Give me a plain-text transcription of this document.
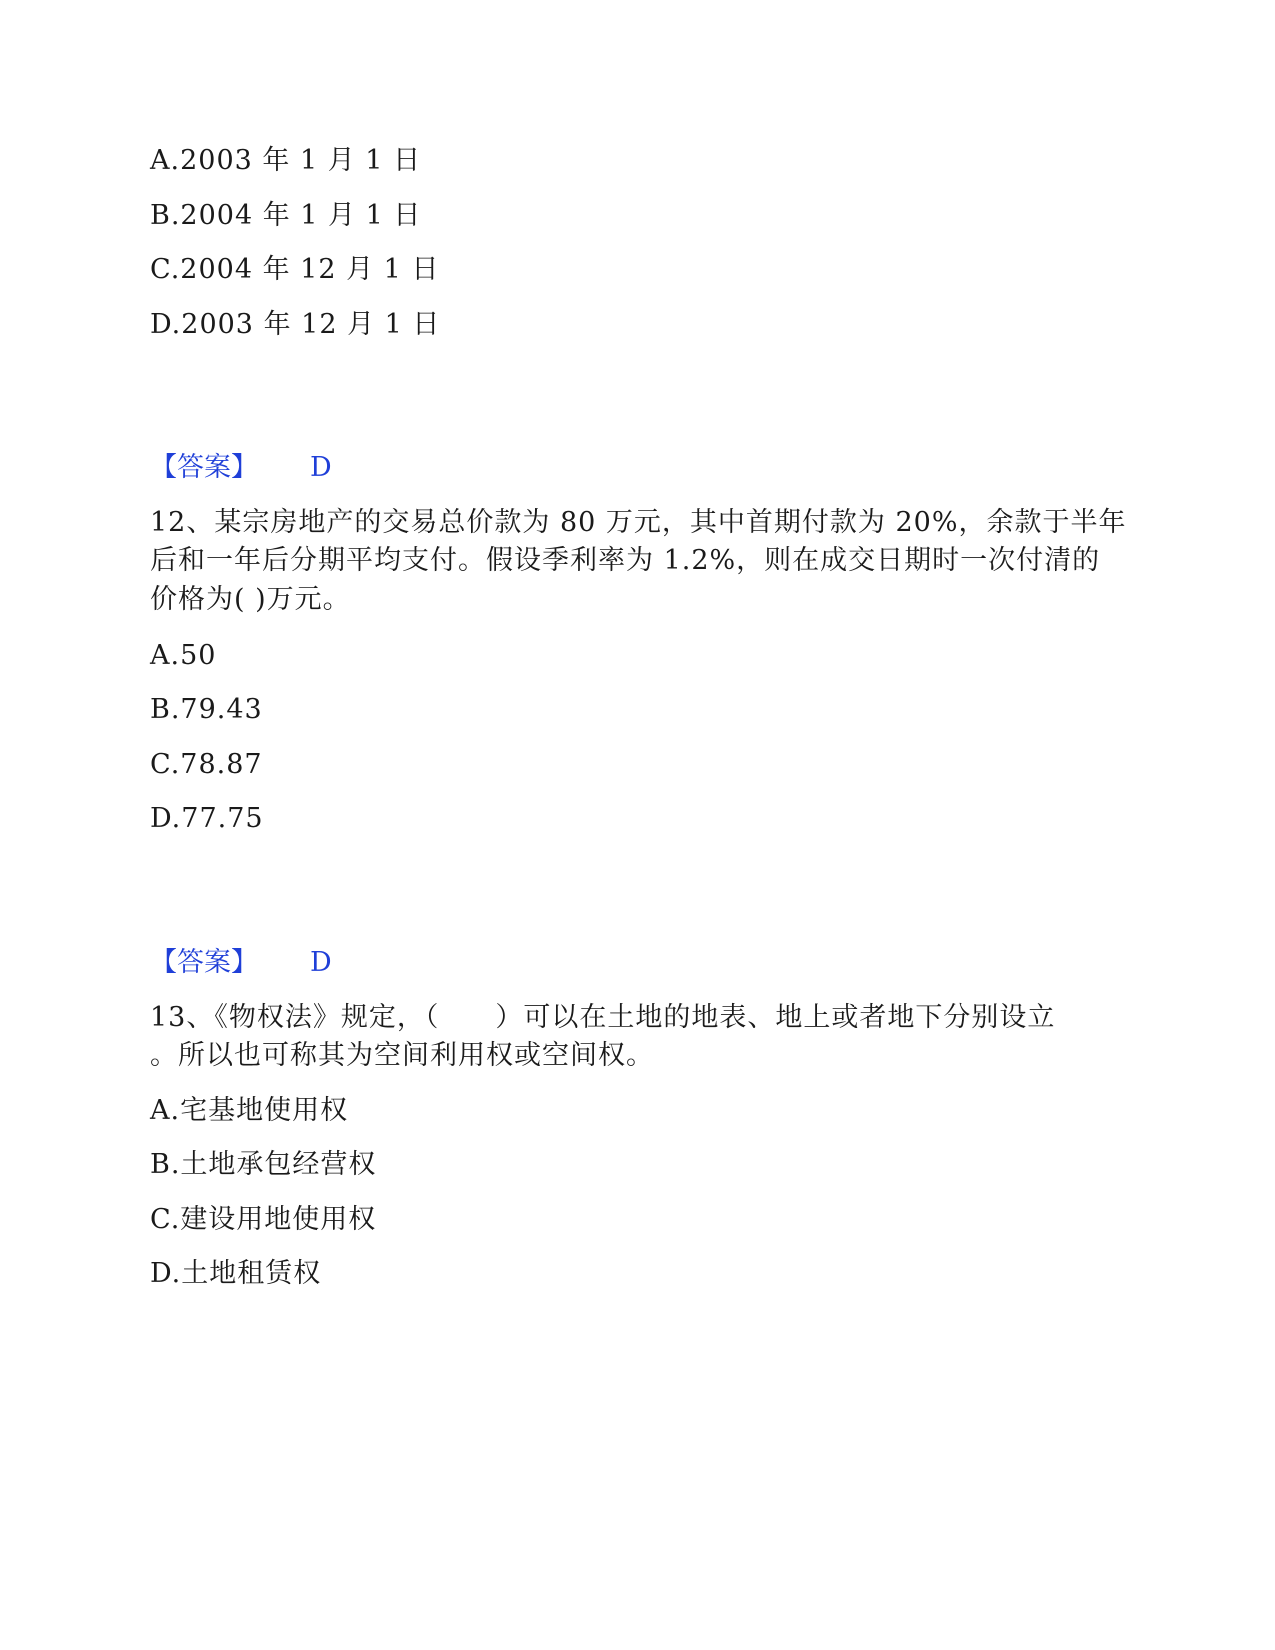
A.2003 年 1 月 1 日
B.2004 年 1 月 1 日
C.2004 年 12 月 1 日
D.2003 年 12 月 1 日
【答案】 D
12、某宗房地产的交易总价款为 80 万元，其中首期付款为 20%，余款于半年
后和一年后分期平均支付。假设季利率为 1.2%，则在成交日期时一次付清的
价格为( )万元。
A.50
B.79.43
C.78.87
D.77.75
【答案】 D
13、《物权法》规定，（　　）可以在土地的地表、地上或者地下分别设立
。所以也可称其为空间利用权或空间权。
A.宅基地使用权
B.土地承包经营权
C.建设用地使用权
D.土地租赁权
